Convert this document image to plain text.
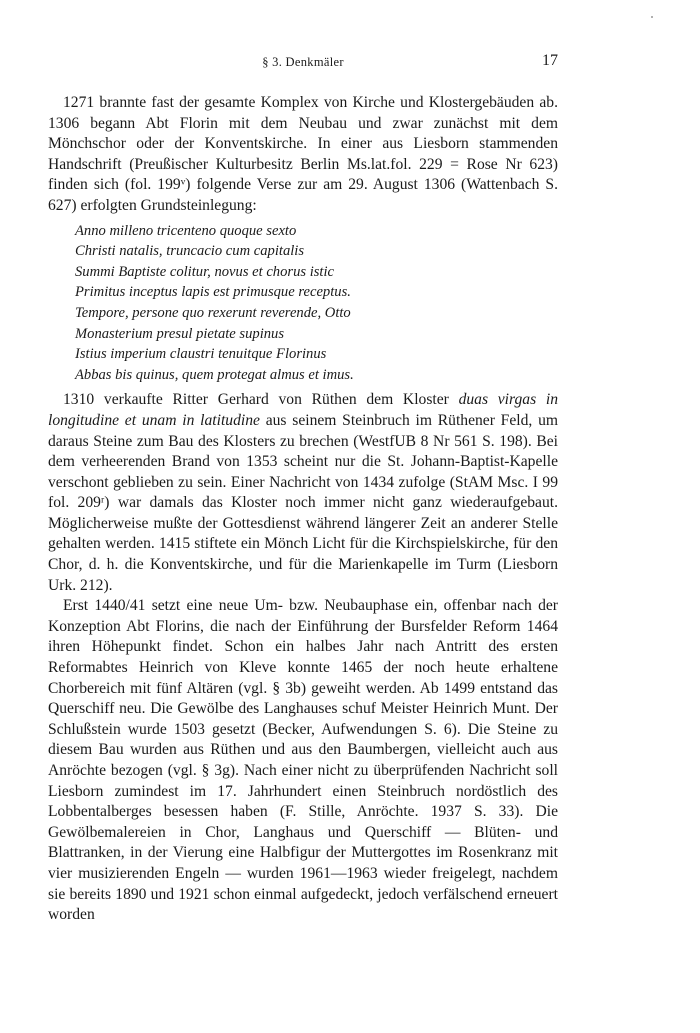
§ 3. Denkmäler	17

1271 brannte fast der gesamte Komplex von Kirche und Klostergebäuden ab. 1306 begann Abt Florin mit dem Neubau und zwar zunächst mit dem Mönchschor oder der Konventskirche. In einer aus Liesborn stammenden Handschrift (Preußischer Kulturbesitz Berlin Ms.lat.fol. 229 = Rose Nr 623) finden sich (fol. 199ᵛ) folgende Verse zur am 29. August 1306 (Wattenbach S. 627) erfolgten Grundsteinlegung:

Anno milleno tricenteno quoque sexto
Christi natalis, truncacio cum capitalis
Summi Baptiste colitur, novus et chorus istic
Primitus inceptus lapis est primusque receptus.
Tempore, persone quo rexerunt reverende, Otto
Monasterium presul pietate supinus
Istius imperium claustri tenuitque Florinus
Abbas bis quinus, quem protegat almus et imus.

1310 verkaufte Ritter Gerhard von Rüthen dem Kloster duas virgas in longitudine et unam in latitudine aus seinem Steinbruch im Rüthener Feld, um daraus Steine zum Bau des Klosters zu brechen (WestfUB 8 Nr 561 S. 198). Bei dem verheerenden Brand von 1353 scheint nur die St. Johann-Baptist-Kapelle verschont geblieben zu sein. Einer Nachricht von 1434 zufolge (StAM Msc. I 99 fol. 209ʳ) war damals das Kloster noch immer nicht ganz wiederaufgebaut. Möglicherweise mußte der Gottesdienst während längerer Zeit an anderer Stelle gehalten werden. 1415 stiftete ein Mönch Licht für die Kirchspielskirche, für den Chor, d. h. die Konventskirche, und für die Marienkapelle im Turm (Liesborn Urk. 212).

Erst 1440/41 setzt eine neue Um- bzw. Neubauphase ein, offenbar nach der Konzeption Abt Florins, die nach der Einführung der Bursfelder Reform 1464 ihren Höhepunkt findet. Schon ein halbes Jahr nach Antritt des ersten Reformabtes Heinrich von Kleve konnte 1465 der noch heute erhaltene Chorbereich mit fünf Altären (vgl. § 3b) geweiht werden. Ab 1499 entstand das Querschiff neu. Die Gewölbe des Langhauses schuf Meister Heinrich Munt. Der Schlußstein wurde 1503 gesetzt (Becker, Aufwendungen S. 6). Die Steine zu diesem Bau wurden aus Rüthen und aus den Baumbergen, vielleicht auch aus Anröchte bezogen (vgl. § 3g). Nach einer nicht zu überprüfenden Nachricht soll Liesborn zumindest im 17. Jahrhundert einen Steinbruch nordöstlich des Lobbentalberges besessen haben (F. Stille, Anröchte. 1937 S. 33). Die Gewölbemalereien in Chor, Langhaus und Querschiff — Blüten- und Blattranken, in der Vierung eine Halbfigur der Muttergottes im Rosenkranz mit vier musizierenden Engeln — wurden 1961—1963 wieder freigelegt, nachdem sie bereits 1890 und 1921 schon einmal aufgedeckt, jedoch verfälschend erneuert worden
